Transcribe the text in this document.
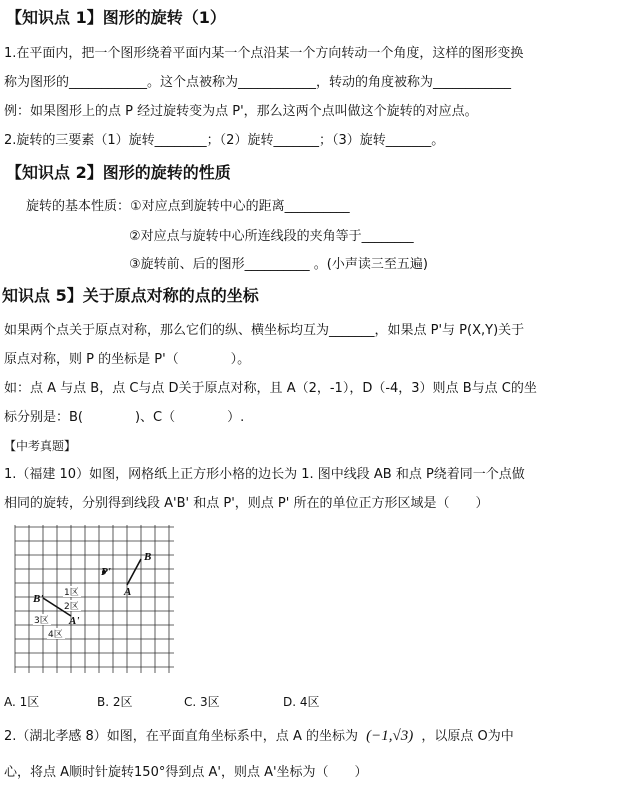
【知识点 1】图形的旋转（1）
1.在平面内，把一个图形绕着平面内某一个点沿某一个方向转动一个角度，这样的图形变换
称为图形的____________。这个点被称为____________，转动的角度被称为____________
例：如果图形上的点 P 经过旋转变为点 P'，那么这两个点叫做这个旋转的对应点。
2.旋转的三要素（1）旋转________；（2）旋转_______；（3）旋转_______。
【知识点 2】图形的旋转的性质
旋转的基本性质：①对应点到旋转中心的距离__________
②对应点与旋转中心所连线段的夹角等于________
③旋转前、后的图形__________ 。(小声读三至五遍)
知识点 5】关于原点对称的点的坐标
如果两个点关于原点对称，那么它们的纵、横坐标均互为_______，如果点 P'与 P(X,Y)关于
原点对称，则 P 的坐标是 P'（　　　　）。
如：点 A 与点 B，点 C与点 D关于原点对称，且 A（2，-1），D（-4，3）则点 B与点 C的坐
标分别是：B(　　　　)、C（　　　　）.
【中考真题】
1.（福建 10）如图，网格纸上正方形小格的边长为 1. 图中线段 AB 和点 P绕着同一个点做
相同的旋转，分别得到线段 A'B' 和点 P'，则点 P' 所在的单位正方形区域是（　　）
B
A
P'
B'
A'
1区
2区
3区
4区
A. 1区	B. 2区	C. 3区	D. 4区
2.（湖北孝感 8）如图，在平面直角坐标系中，点 A 的坐标为 (−1,√3) ，以原点 O为中
心，将点 A顺时针旋转150°得到点 A'，则点 A'坐标为（　　）
